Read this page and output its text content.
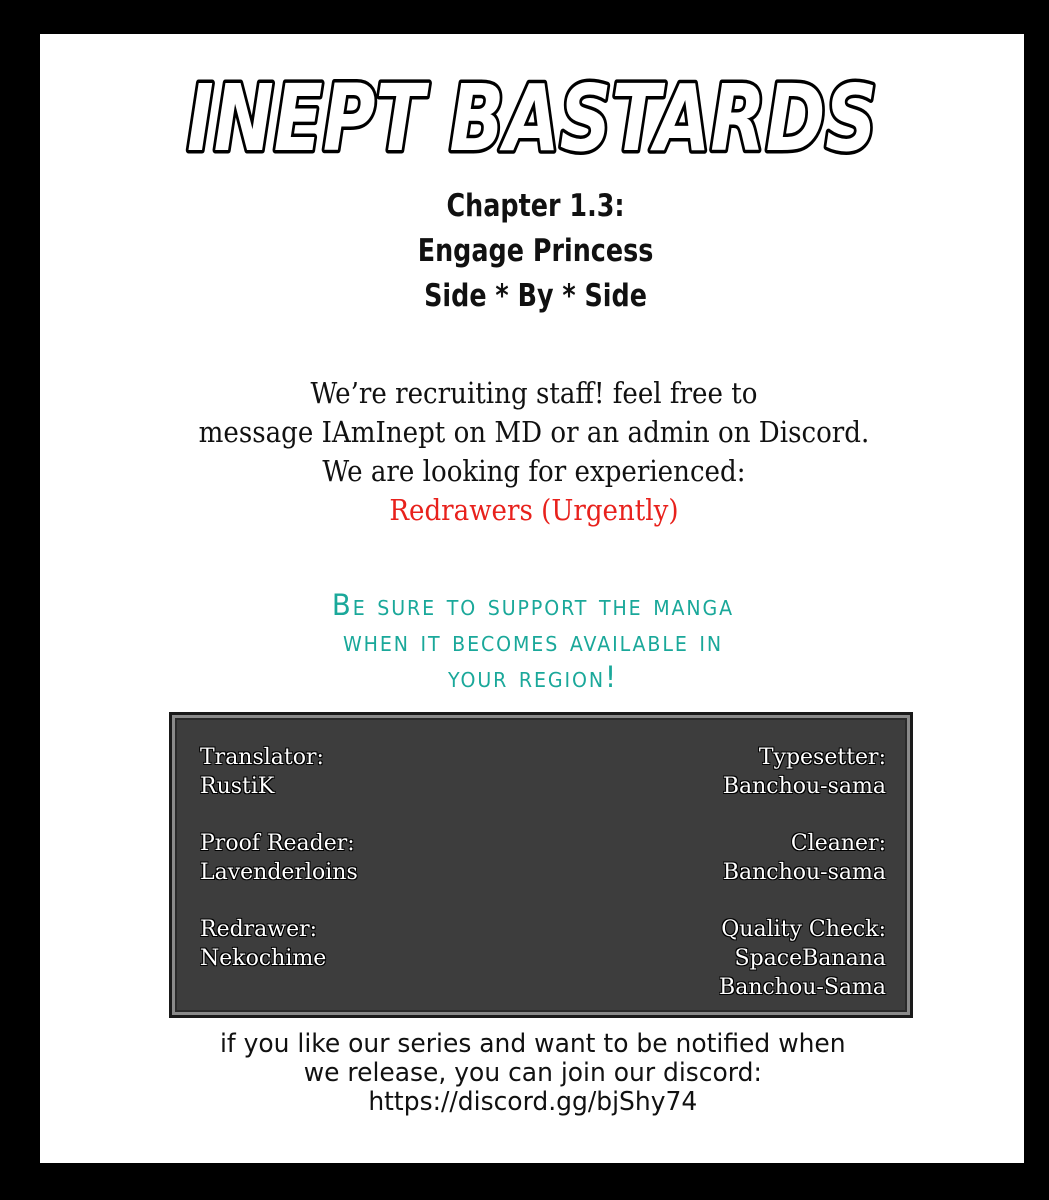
INEPT BASTARDS
Chapter 1.3:
Engage Princess
Side * By * Side
We’re recruiting staff! feel free to
message IAmInept on MD or an admin on Discord.
We are looking for experienced:
Redrawers (Urgently)
Be sure to support the manga
when it becomes available in
your region!
Translator:
RustiK
Proof Reader:
Lavenderloins
Redrawer:
Nekochime
Typesetter:
Banchou-sama
Cleaner:
Banchou-sama
Quality Check:
SpaceBanana
Banchou-Sama
if you like our series and want to be notified when
we release, you can join our discord:
https://discord.gg/bjShy74
